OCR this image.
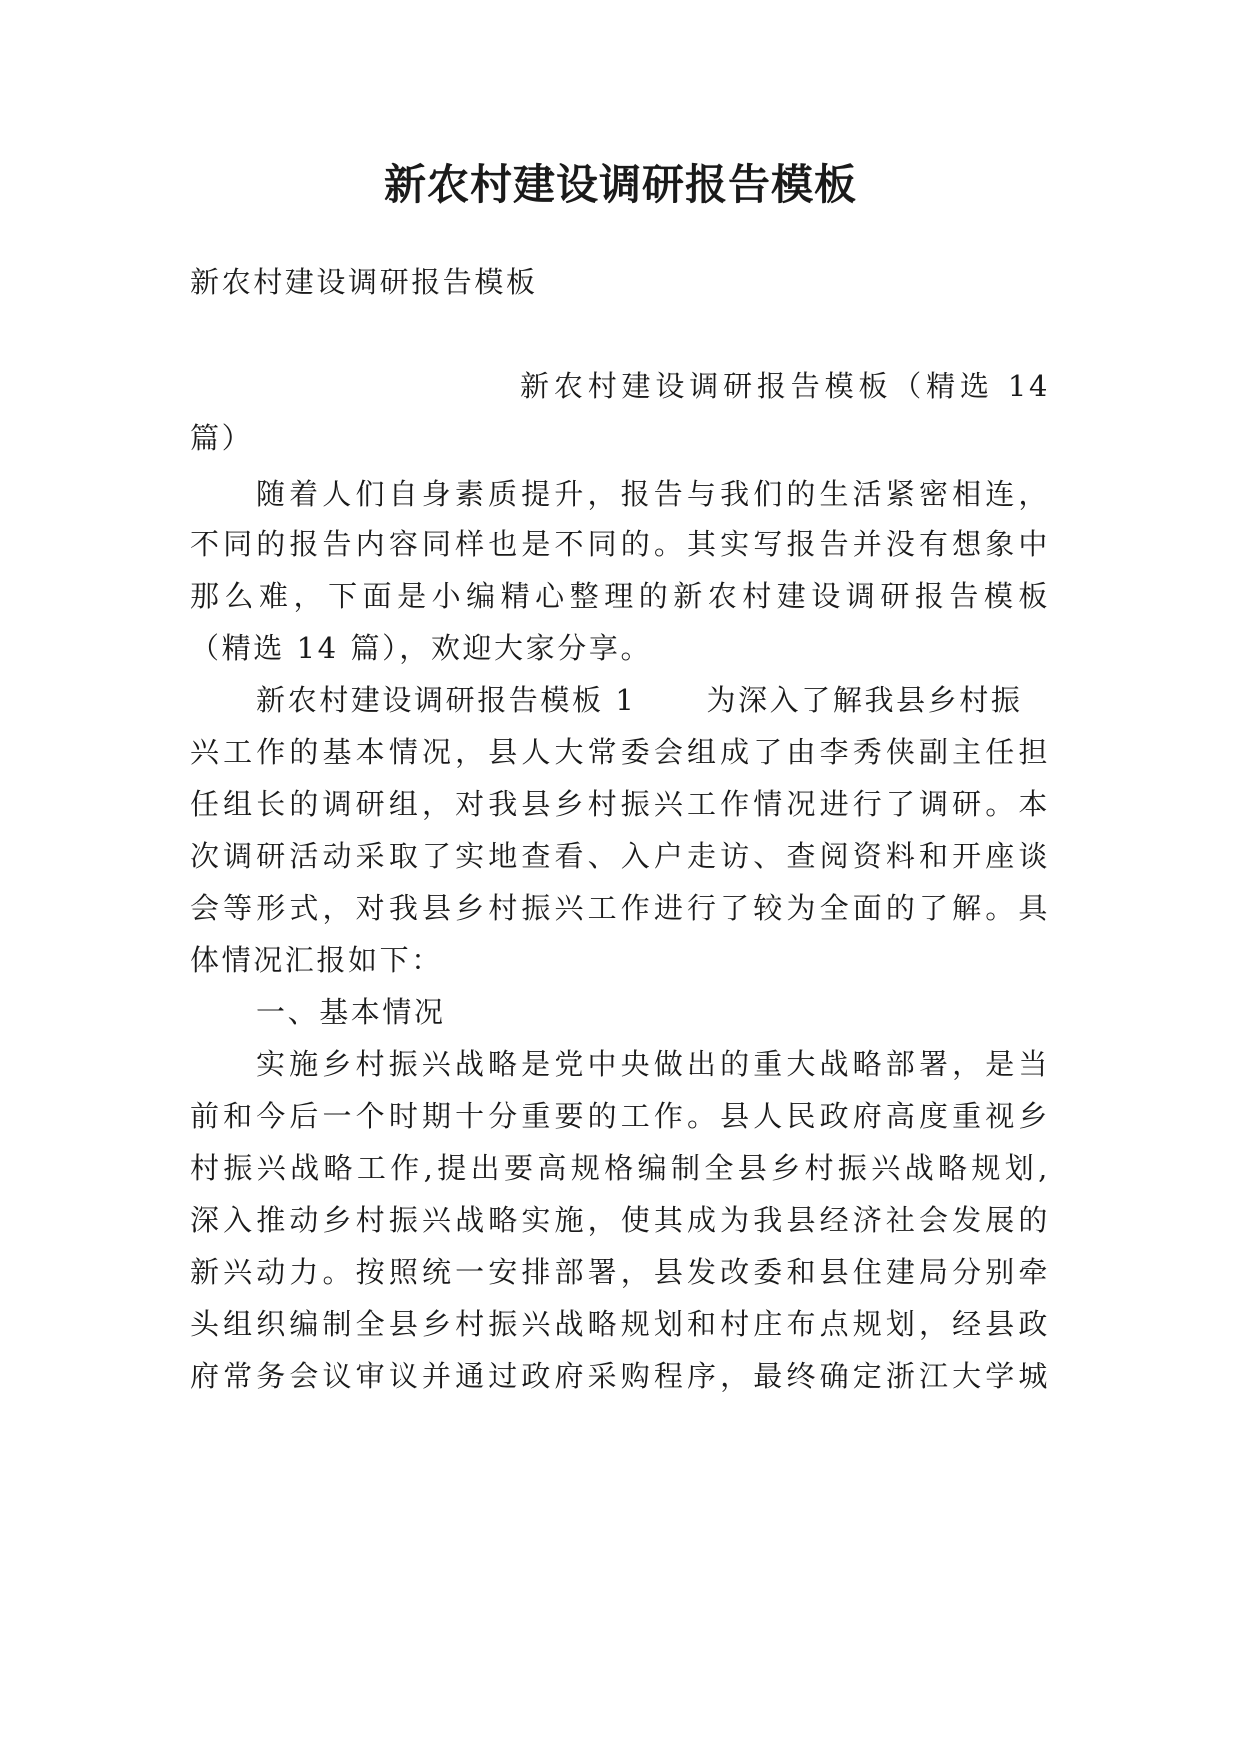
新农村建设调研报告模板

新农村建设调研报告模板

新农村建设调研报告模板（精选 14

篇）

随着人们自身素质提升，报告与我们的生活紧密相连，

不同的报告内容同样也是不同的。其实写报告并没有想象中

那么难，下面是小编精心整理的新农村建设调研报告模板

（精选 14 篇），欢迎大家分享。

新农村建设调研报告模板 1 为深入了解我县乡村振

兴工作的基本情况，县人大常委会组成了由李秀侠副主任担

任组长的调研组，对我县乡村振兴工作情况进行了调研。本

次调研活动采取了实地查看、入户走访、查阅资料和开座谈

会等形式，对我县乡村振兴工作进行了较为全面的了解。具

体情况汇报如下：

一、基本情况

实施乡村振兴战略是党中央做出的重大战略部署，是当

前和今后一个时期十分重要的工作。县人民政府高度重视乡

村振兴战略工作,提出要高规格编制全县乡村振兴战略规划,

深入推动乡村振兴战略实施，使其成为我县经济社会发展的

新兴动力。按照统一安排部署，县发改委和县住建局分别牵

头组织编制全县乡村振兴战略规划和村庄布点规划，经县政

府常务会议审议并通过政府采购程序，最终确定浙江大学城
